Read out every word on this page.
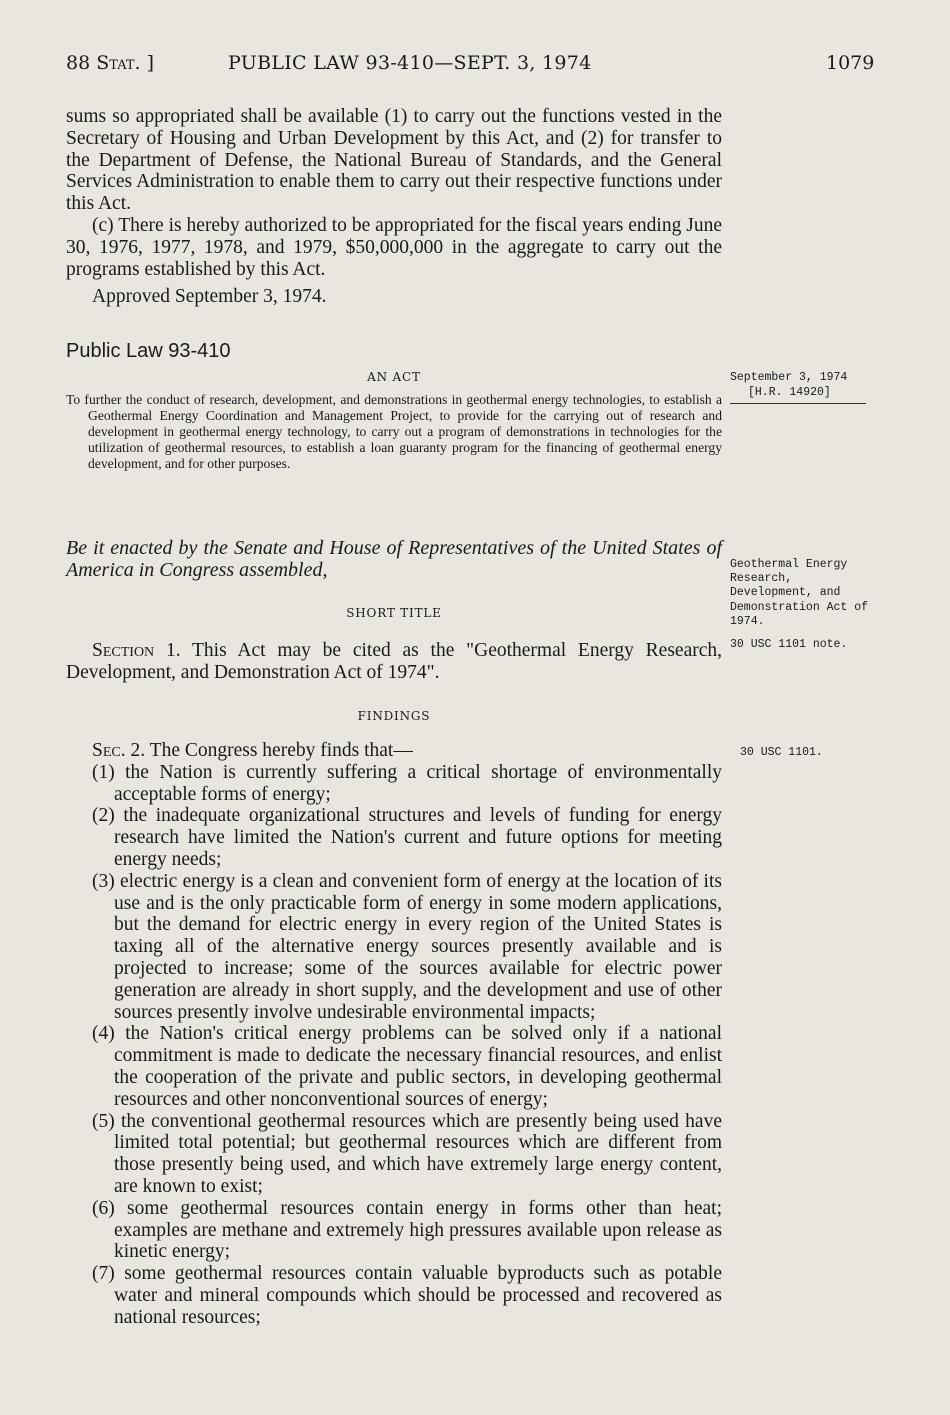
88 Stat. ]	PUBLIC LAW 93-410—SEPT. 3, 1974	1079

sums so appropriated shall be available (1) to carry out the functions vested in the Secretary of Housing and Urban Development by this Act, and (2) for transfer to the Department of Defense, the National Bureau of Standards, and the General Services Administration to enable them to carry out their respective functions under this Act.

(c) There is hereby authorized to be appropriated for the fiscal years ending June 30, 1976, 1977, 1978, and 1979, $50,000,000 in the aggregate to carry out the programs established by this Act.

Approved September 3, 1974.

Public Law 93-410
AN ACT

To further the conduct of research, development, and demonstrations in geothermal energy technologies, to establish a Geothermal Energy Coordination and Management Project, to provide for the carrying out of research and development in geothermal energy technology, to carry out a program of demonstrations in technologies for the utilization of geothermal resources, to establish a loan guaranty program for the financing of geothermal energy development, and for other purposes.

Be it enacted by the Senate and House of Representatives of the United States of America in Congress assembled,
SHORT TITLE

Section 1. This Act may be cited as the "Geothermal Energy Research, Development, and Demonstration Act of 1974".

FINDINGS

Sec. 2. The Congress hereby finds that—

(1) the Nation is currently suffering a critical shortage of environmentally acceptable forms of energy;

(2) the inadequate organizational structures and levels of funding for energy research have limited the Nation's current and future options for meeting energy needs;

(3) electric energy is a clean and convenient form of energy at the location of its use and is the only practicable form of energy in some modern applications, but the demand for electric energy in every region of the United States is taxing all of the alternative energy sources presently available and is projected to increase; some of the sources available for electric power generation are already in short supply, and the development and use of other sources presently involve undesirable environmental impacts;

(4) the Nation's critical energy problems can be solved only if a national commitment is made to dedicate the necessary financial resources, and enlist the cooperation of the private and public sectors, in developing geothermal resources and other nonconventional sources of energy;

(5) the conventional geothermal resources which are presently being used have limited total potential; but geothermal resources which are different from those presently being used, and which have extremely large energy content, are known to exist;

(6) some geothermal resources contain energy in forms other than heat; examples are methane and extremely high pressures available upon release as kinetic energy;

(7) some geothermal resources contain valuable byproducts such as potable water and mineral compounds which should be processed and recovered as national resources;

September 3, 1974
[H.R. 14920]
Geothermal Energy Research, Development, and Demonstration Act of 1974.
30 USC 1101 note.
30 USC 1101.
